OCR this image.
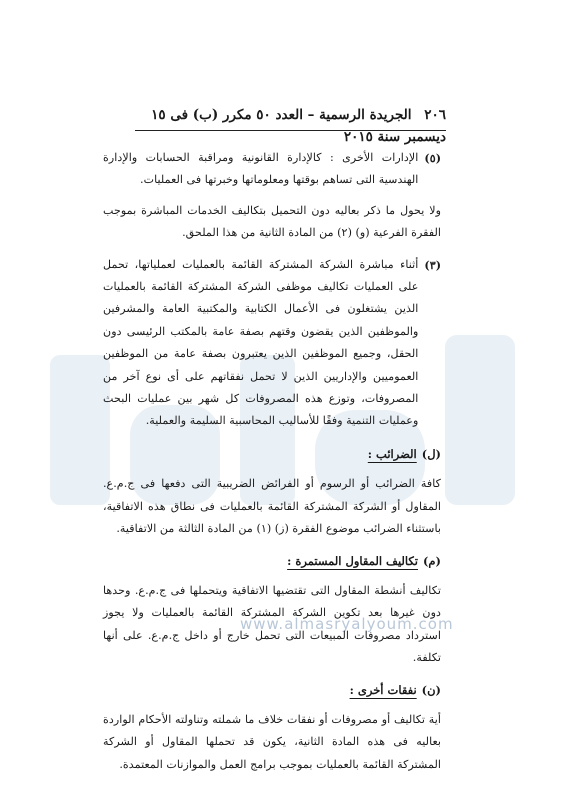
المصدر
www.almasryalyoum.com
٢٠٦ الجريدة الرسمية – العدد ٥٠ مكرر (ب) فى ١٥ ديسمبر سنة ٢٠١٥
(٥)
الإدارات الأخرى : كالإدارة القانونية ومراقبة الحسابات والإدارة الهندسية التى تساهم بوقتها ومعلوماتها وخبرتها فى العمليات.

ولا يحول ما ذكر بعاليه دون التحميل بتكاليف الخدمات المباشرة بموجب الفقرة الفرعية (و) (٢) من المادة الثانية من هذا الملحق.

(٣)
أثناء مباشرة الشركة المشتركة القائمة بالعمليات لعملياتها، تحمل على العمليات تكاليف موظفى الشركة المشتركة القائمة بالعمليات الذين يشتغلون فى الأعمال الكتابية والمكتبية العامة والمشرفين والموظفين الذين يقضون وقتهم بصفة عامة بالمكتب الرئيسى دون الحقل، وجميع الموظفين الذين يعتبرون بصفة عامة من الموظفين العموميين والإداريين الذين لا تحمل نفقاتهم على أى نوع آخر من المصروفات، وتوزع هذه المصروفات كل شهر بين عمليات البحث وعمليات التنمية وفقًا للأساليب المحاسبية السليمة والعملية.
(ل)
الضرائب :

كافة الضرائب أو الرسوم أو الفرائض الضريبية التى دفعها فى ج.م.ع. المقاول أو الشركة المشتركة القائمة بالعمليات فى نطاق هذه الاتفاقية، باستثناء الضرائب موضوع الفقرة (ز) (١) من المادة الثالثة من الاتفاقية.

(م)
تكاليف المقاول المستمرة :

تكاليف أنشطة المقاول التى تقتضيها الاتفاقية ويتحملها فى ج.م.ع. وحدها دون غيرها بعد تكوين الشركة المشتركة القائمة بالعمليات ولا يجوز استرداد مصروفات المبيعات التى تحمل خارج أو داخل ج.م.ع. على أنها تكلفة.

(ن)
نفقات أخرى :

أية تكاليف أو مصروفات أو نفقات خلاف ما شملته وتناولته الأحكام الواردة بعاليه فى هذه المادة الثانية، يكون قد تحملها المقاول أو الشركة المشتركة القائمة بالعمليات بموجب برامج العمل والموازنات المعتمدة.
